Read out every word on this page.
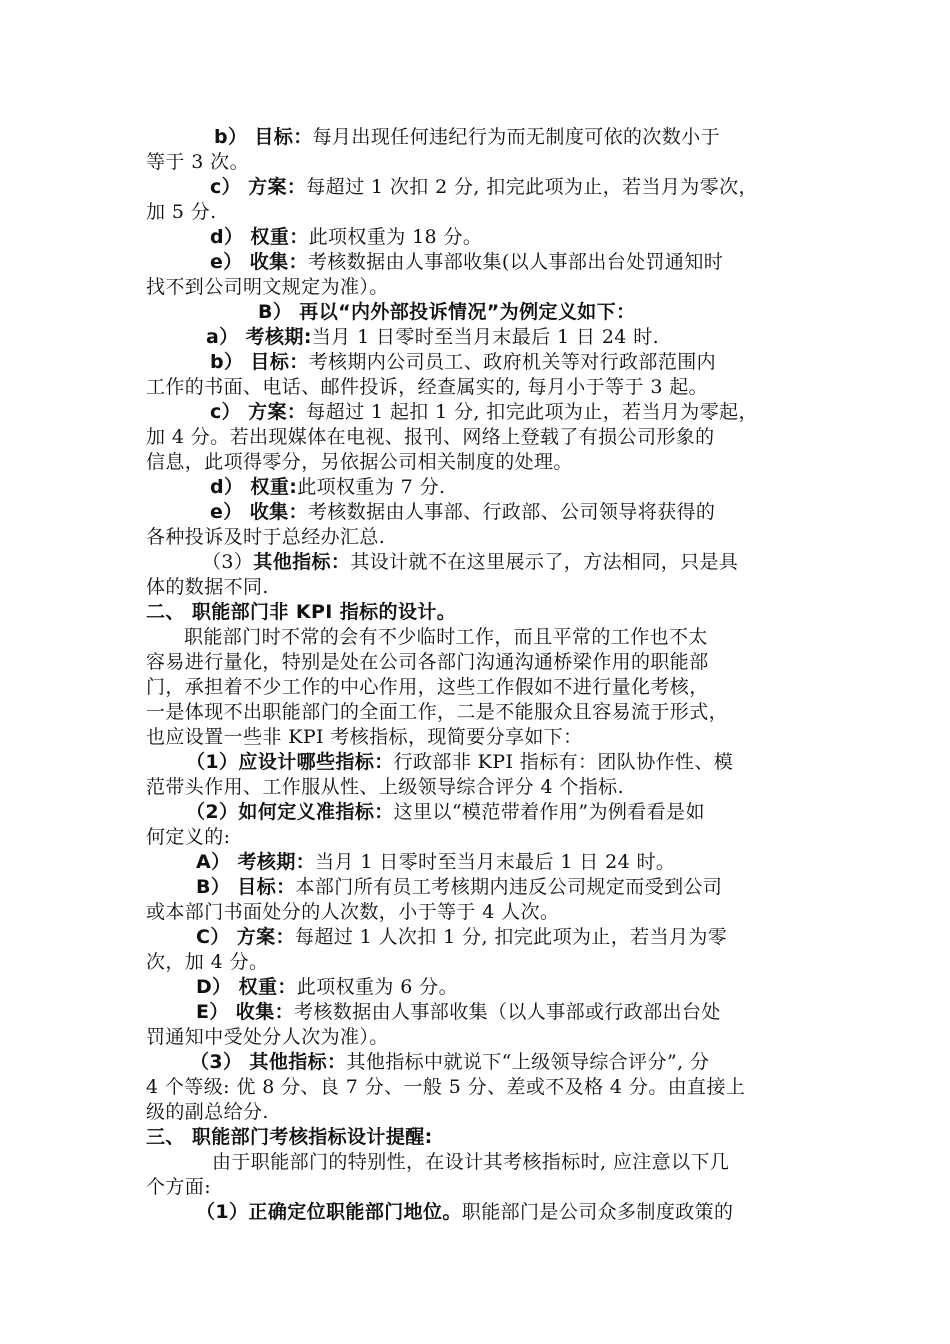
b） 目标：每月出现任何违纪行为而无制度可依的次数小于
等于 3 次。
c） 方案：每超过 1 次扣 2 分, 扣完此项为止，若当月为零次，
加 5 分.
d） 权重：此项权重为 18 分。
e） 收集：考核数据由人事部收集(以人事部出台处罚通知时
找不到公司明文规定为准）。
B） 再以“内外部投诉情况”为例定义如下：
a） 考核期:当月 1 日零时至当月末最后 1 日 24 时.
b） 目标：考核期内公司员工、政府机关等对行政部范围内
工作的书面、电话、邮件投诉，经查属实的, 每月小于等于 3 起。
c） 方案：每超过 1 起扣 1 分, 扣完此项为止，若当月为零起，
加 4 分。若出现媒体在电视、报刊、网络上登载了有损公司形象的
信息，此项得零分，另依据公司相关制度的处理。
d） 权重:此项权重为 7 分.
e） 收集：考核数据由人事部、行政部、公司领导将获得的
各种投诉及时于总经办汇总.
（3）其他指标：其设计就不在这里展示了，方法相同，只是具
体的数据不同.
二、 职能部门非 KPI 指标的设计。
职能部门时不常的会有不少临时工作，而且平常的工作也不太
容易进行量化，特别是处在公司各部门沟通沟通桥梁作用的职能部
门，承担着不少工作的中心作用，这些工作假如不进行量化考核，
一是体现不出职能部门的全面工作，二是不能服众且容易流于形式，
也应设置一些非 KPI 考核指标，现简要分享如下：
（1）应设计哪些指标：行政部非 KPI 指标有：团队协作性、模
范带头作用、工作服从性、上级领导综合评分 4 个指标.
（2）如何定义准指标：这里以“模范带着作用”为例看看是如
何定义的:
A） 考核期：当月 1 日零时至当月末最后 1 日 24 时。
B） 目标：本部门所有员工考核期内违反公司规定而受到公司
或本部门书面处分的人次数，小于等于 4 人次。
C） 方案：每超过 1 人次扣 1 分, 扣完此项为止，若当月为零
次，加 4 分。
D） 权重：此项权重为 6 分。
E） 收集：考核数据由人事部收集（以人事部或行政部出台处
罚通知中受处分人次为准）。
（3） 其他指标：其他指标中就说下“上级领导综合评分”, 分
4 个等级: 优 8 分、良 7 分、一般 5 分、差或不及格 4 分。由直接上
级的副总给分.
三、 职能部门考核指标设计提醒:
由于职能部门的特别性，在设计其考核指标时, 应注意以下几
个方面:
（1）正确定位职能部门地位。职能部门是公司众多制度政策的
